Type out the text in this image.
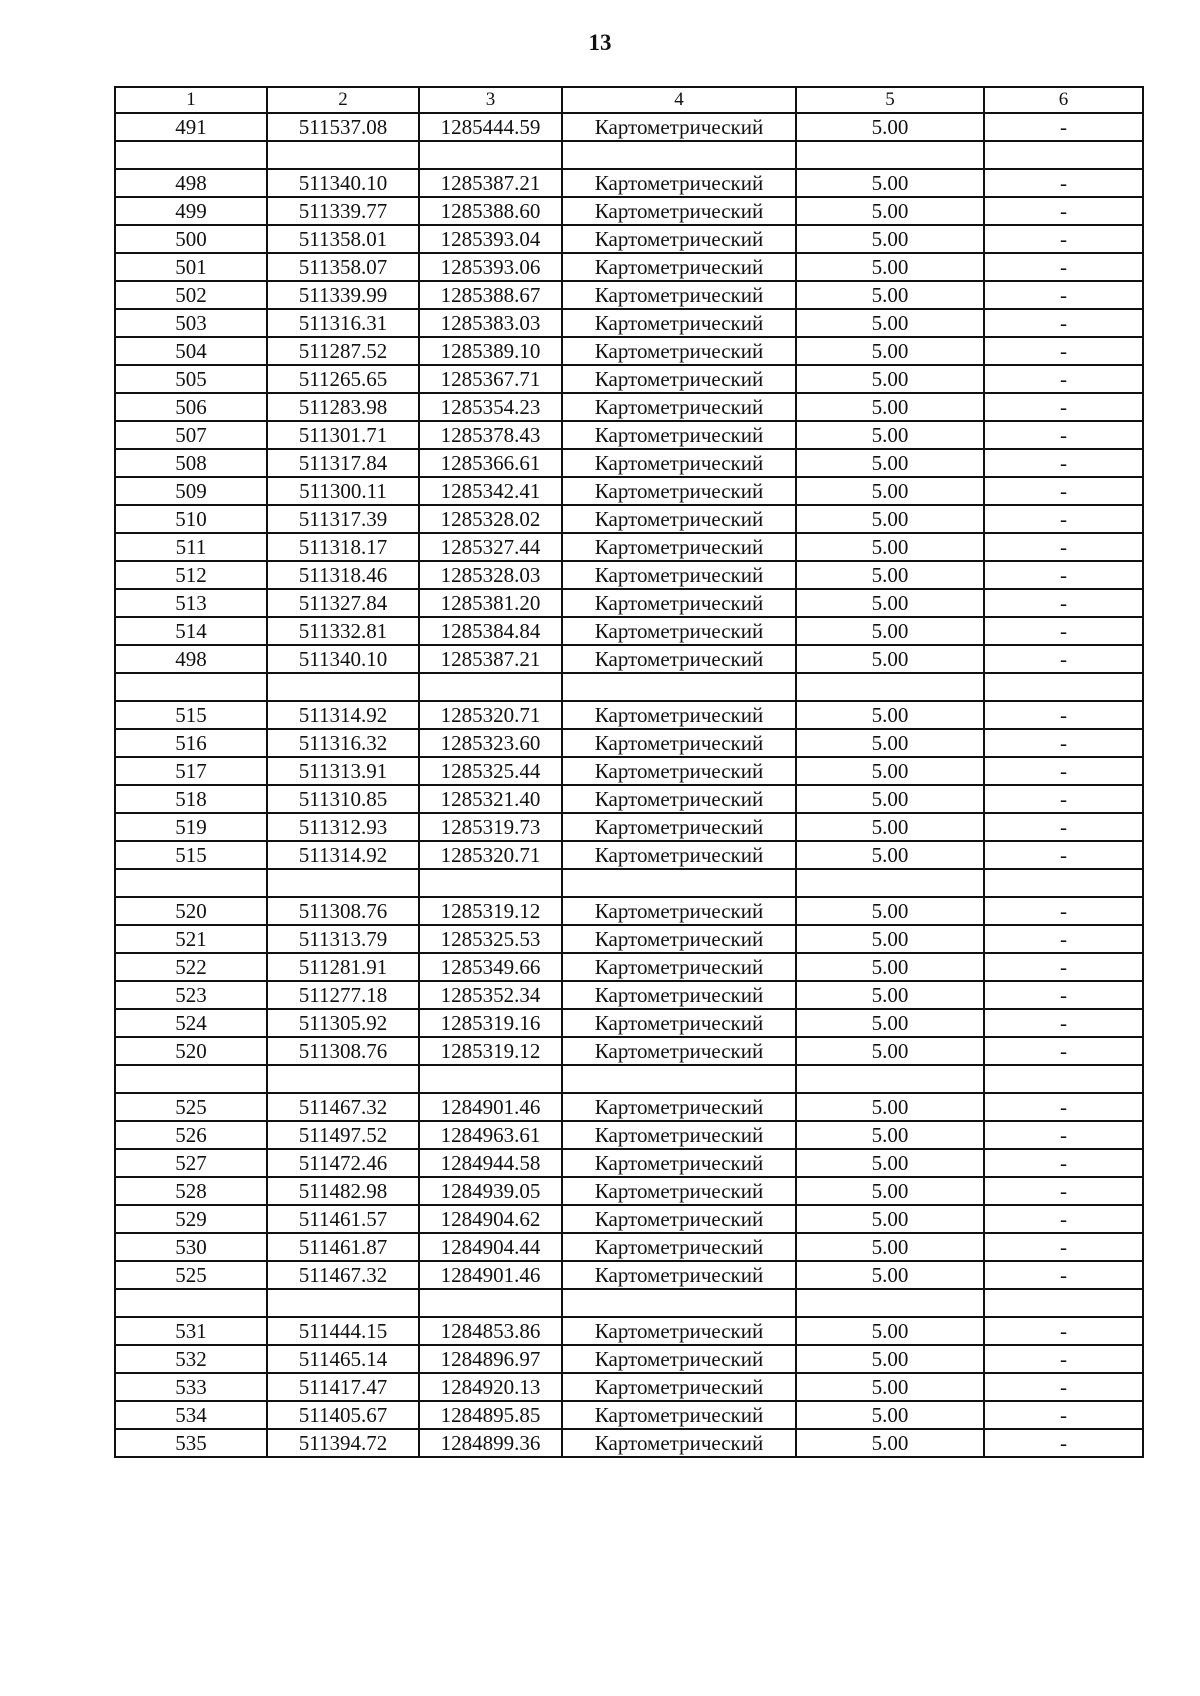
13
1	2	3	4	5	6
491	511537.08	1285444.59	Картометрический	5.00	-

498	511340.10	1285387.21	Картометрический	5.00	-
499	511339.77	1285388.60	Картометрический	5.00	-
500	511358.01	1285393.04	Картометрический	5.00	-
501	511358.07	1285393.06	Картометрический	5.00	-
502	511339.99	1285388.67	Картометрический	5.00	-
503	511316.31	1285383.03	Картометрический	5.00	-
504	511287.52	1285389.10	Картометрический	5.00	-
505	511265.65	1285367.71	Картометрический	5.00	-
506	511283.98	1285354.23	Картометрический	5.00	-
507	511301.71	1285378.43	Картометрический	5.00	-
508	511317.84	1285366.61	Картометрический	5.00	-
509	511300.11	1285342.41	Картометрический	5.00	-
510	511317.39	1285328.02	Картометрический	5.00	-
511	511318.17	1285327.44	Картометрический	5.00	-
512	511318.46	1285328.03	Картометрический	5.00	-
513	511327.84	1285381.20	Картометрический	5.00	-
514	511332.81	1285384.84	Картометрический	5.00	-
498	511340.10	1285387.21	Картометрический	5.00	-

515	511314.92	1285320.71	Картометрический	5.00	-
516	511316.32	1285323.60	Картометрический	5.00	-
517	511313.91	1285325.44	Картометрический	5.00	-
518	511310.85	1285321.40	Картометрический	5.00	-
519	511312.93	1285319.73	Картометрический	5.00	-
515	511314.92	1285320.71	Картометрический	5.00	-

520	511308.76	1285319.12	Картометрический	5.00	-
521	511313.79	1285325.53	Картометрический	5.00	-
522	511281.91	1285349.66	Картометрический	5.00	-
523	511277.18	1285352.34	Картометрический	5.00	-
524	511305.92	1285319.16	Картометрический	5.00	-
520	511308.76	1285319.12	Картометрический	5.00	-

525	511467.32	1284901.46	Картометрический	5.00	-
526	511497.52	1284963.61	Картометрический	5.00	-
527	511472.46	1284944.58	Картометрический	5.00	-
528	511482.98	1284939.05	Картометрический	5.00	-
529	511461.57	1284904.62	Картометрический	5.00	-
530	511461.87	1284904.44	Картометрический	5.00	-
525	511467.32	1284901.46	Картометрический	5.00	-

531	511444.15	1284853.86	Картометрический	5.00	-
532	511465.14	1284896.97	Картометрический	5.00	-
533	511417.47	1284920.13	Картометрический	5.00	-
534	511405.67	1284895.85	Картометрический	5.00	-
535	511394.72	1284899.36	Картометрический	5.00	-
